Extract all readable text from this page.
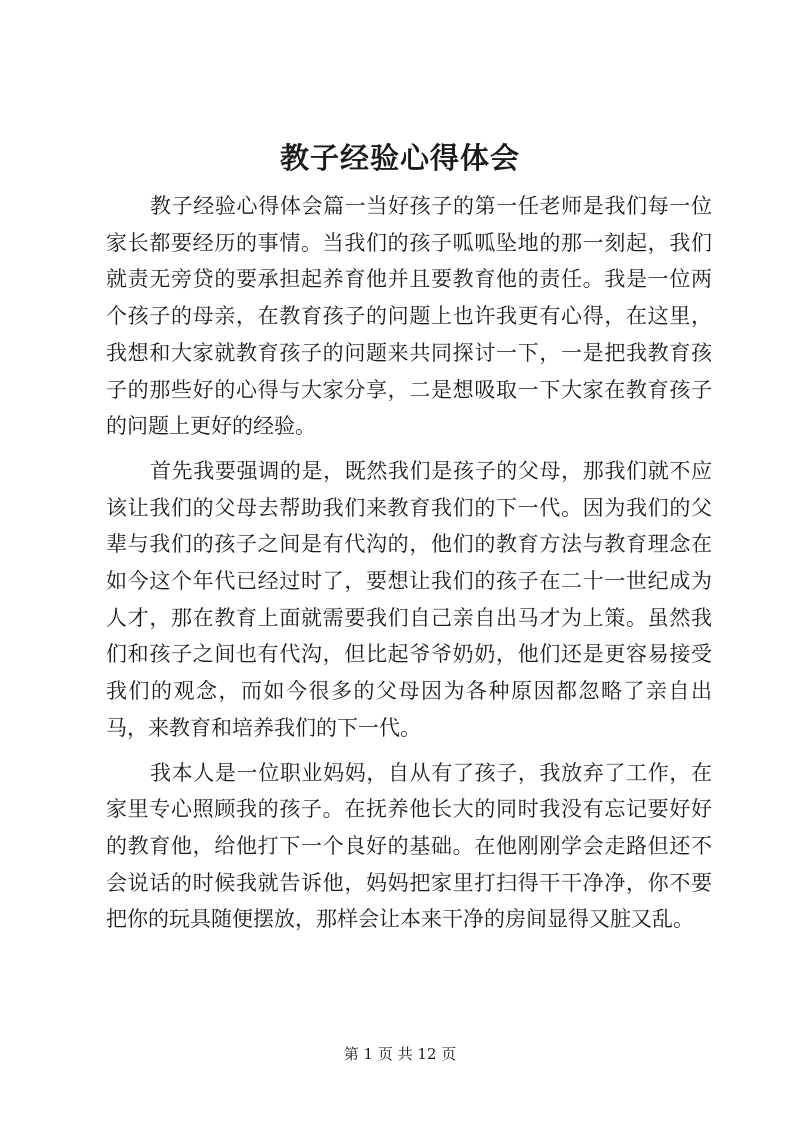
教子经验心得体会

教子经验心得体会篇一当好孩子的第一任老师是我们每一位家长都要经历的事情。当我们的孩子呱呱坠地的那一刻起，我们就责无旁贷的要承担起养育他并且要教育他的责任。我是一位两个孩子的母亲，在教育孩子的问题上也许我更有心得，在这里，我想和大家就教育孩子的问题来共同探讨一下，一是把我教育孩子的那些好的心得与大家分享，二是想吸取一下大家在教育孩子的问题上更好的经验。

首先我要强调的是，既然我们是孩子的父母，那我们就不应该让我们的父母去帮助我们来教育我们的下一代。因为我们的父辈与我们的孩子之间是有代沟的，他们的教育方法与教育理念在如今这个年代已经过时了，要想让我们的孩子在二十一世纪成为人才，那在教育上面就需要我们自己亲自出马才为上策。虽然我们和孩子之间也有代沟，但比起爷爷奶奶，他们还是更容易接受我们的观念，而如今很多的父母因为各种原因都忽略了亲自出马，来教育和培养我们的下一代。

我本人是一位职业妈妈，自从有了孩子，我放弃了工作，在家里专心照顾我的孩子。在抚养他长大的同时我没有忘记要好好的教育他，给他打下一个良好的基础。在他刚刚学会走路但还不会说话的时候我就告诉他，妈妈把家里打扫得干干净净，你不要把你的玩具随便摆放，那样会让本来干净的房间显得又脏又乱。

第 1 页 共 12 页
